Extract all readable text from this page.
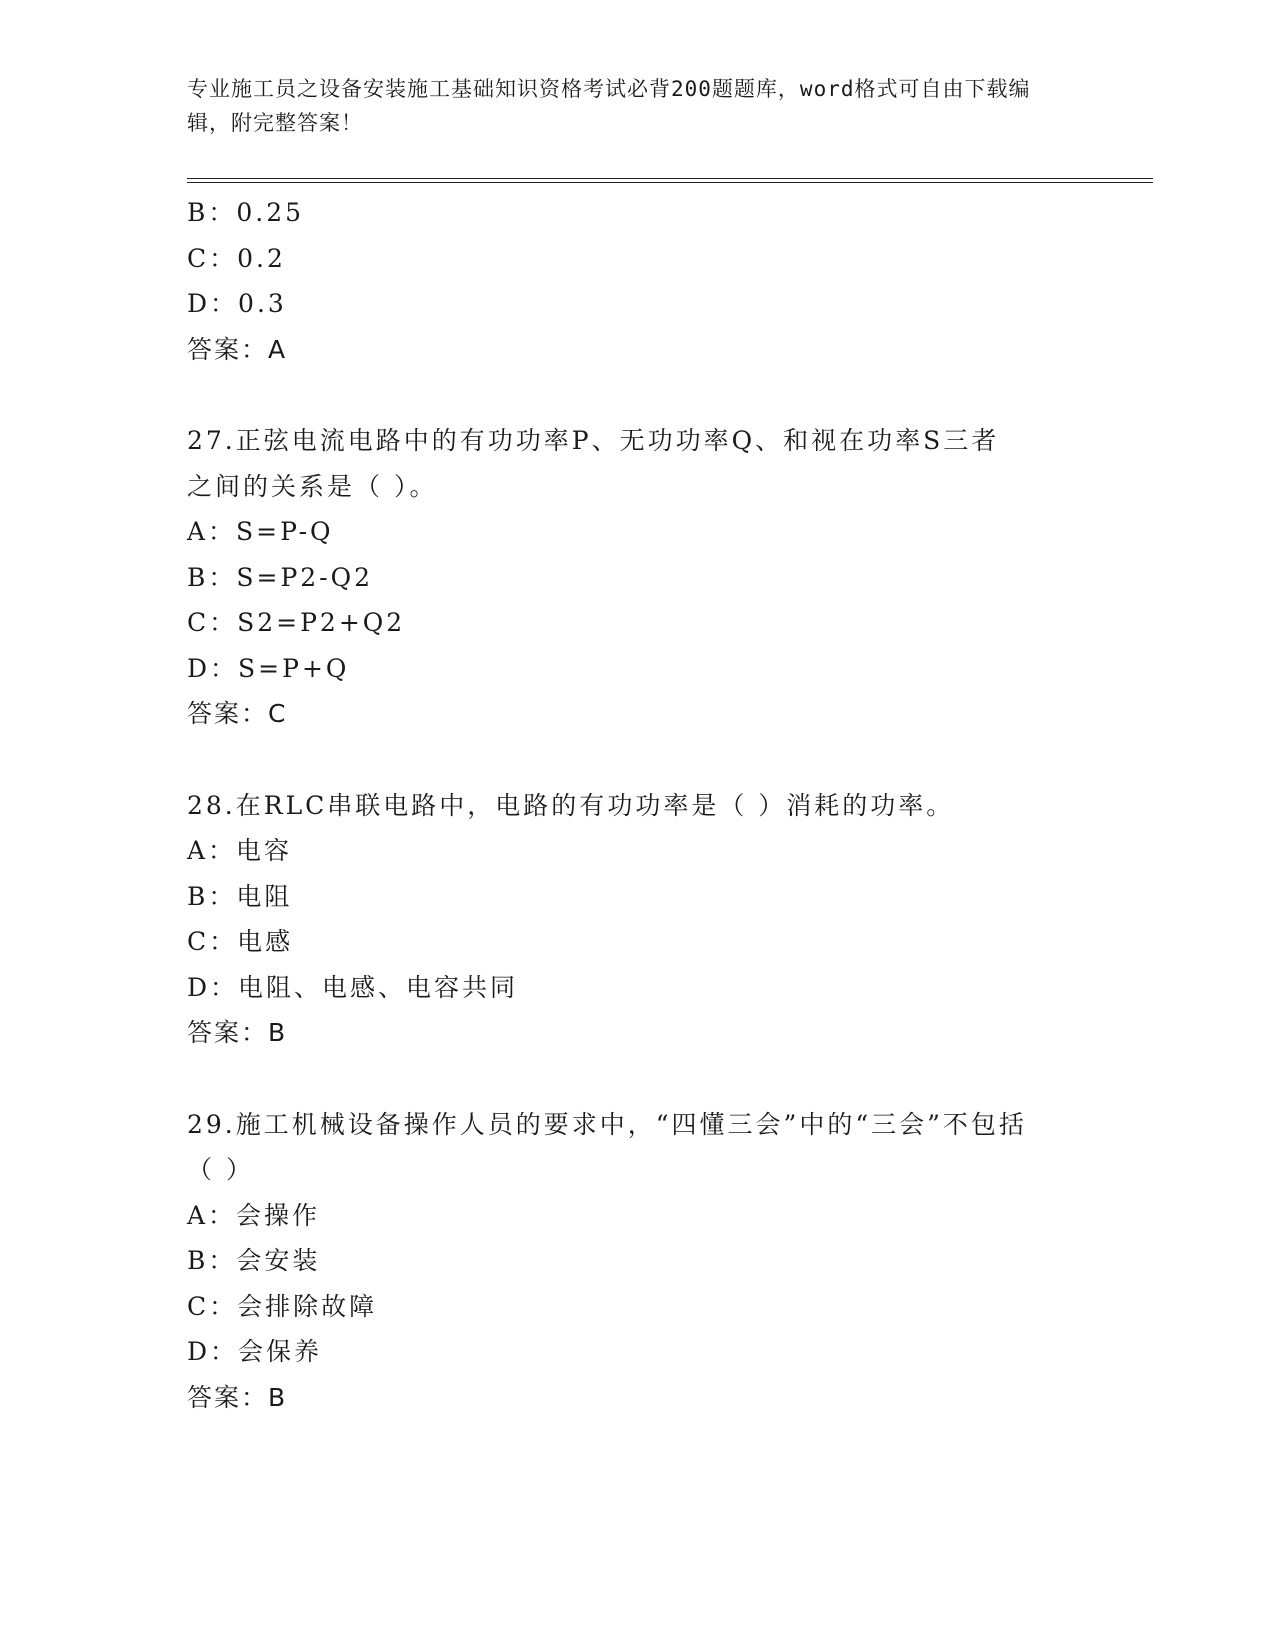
专业施工员之设备安装施工基础知识资格考试必背200题题库，word格式可自由下载编辑，附完整答案！
B：0.25
C：0.2
D：0.3
答案：A
27.正弦电流电路中的有功功率P、无功功率Q、和视在功率S三者之间的关系是（ ）。
A：S=P-Q
B：S=P2-Q2
C：S2=P2+Q2
D：S=P+Q
答案：C
28.在RLC串联电路中，电路的有功功率是（ ）消耗的功率。
A：电容
B：电阻
C：电感
D：电阻、电感、电容共同
答案：B
29.施工机械设备操作人员的要求中，“四懂三会”中的“三会”不包括（ ）
A：会操作
B：会安装
C：会排除故障
D：会保养
答案：B
